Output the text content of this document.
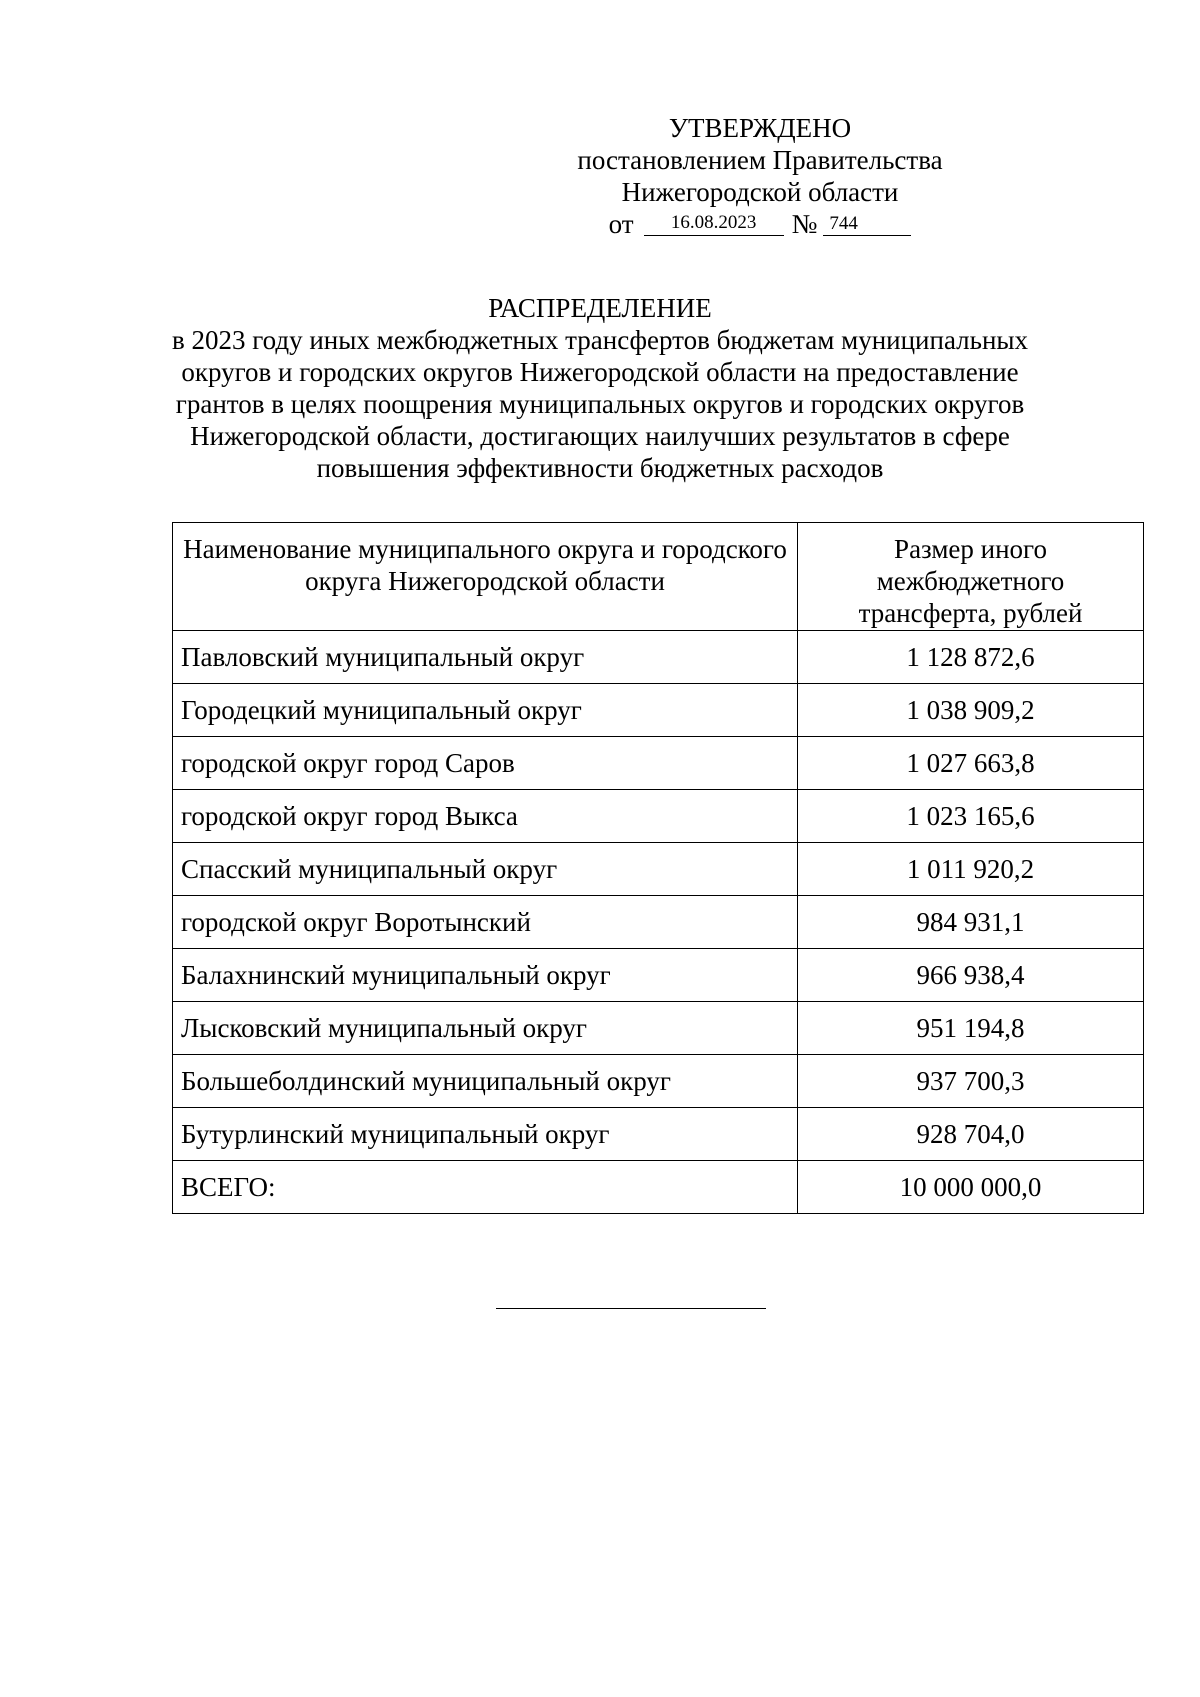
УТВЕРЖДЕНО
постановлением Правительства
Нижегородской области
от	16.08.2023	№ 744
РАСПРЕДЕЛЕНИЕ
в 2023 году иных межбюджетных трансфертов бюджетам муниципальных округов и городских округов Нижегородской области на предоставление грантов в целях поощрения муниципальных округов и городских округов Нижегородской области, достигающих наилучших результатов в сфере повышения эффективности бюджетных расходов
Наименование муниципального округа и городского округа Нижегородской области	Размер иного межбюджетного трансферта, рублей
Павловский муниципальный округ	1 128 872,6
Городецкий муниципальный округ	1 038 909,2
городской округ город Саров	1 027 663,8
городской округ город Выкса	1 023 165,6
Спасский муниципальный округ	1 011 920,2
городской округ Воротынский	984 931,1
Балахнинский муниципальный округ	966 938,4
Лысковский муниципальный округ	951 194,8
Большеболдинский муниципальный округ	937 700,3
Бутурлинский муниципальный округ	928 704,0
ВСЕГО:	10 000 000,0
